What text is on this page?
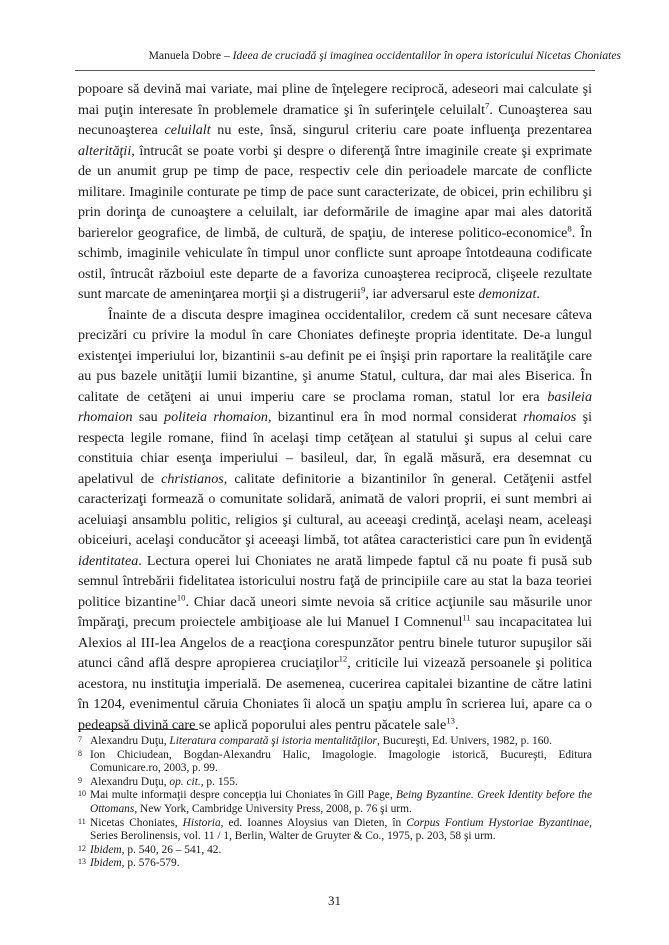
Manuela Dobre – Ideea de cruciadă şi imaginea occidentalilor în opera istoricului Nicetas Choniates

popoare să devină mai variate, mai pline de înţelegere reciprocă, adeseori mai calculate şi mai puţin interesate în problemele dramatice şi în suferinţele celuilalt$^7$. Cunoaşterea sau necunoaşterea celuilalt nu este, însă, singurul criteriu care poate influenţa prezentarea alterităţii, întrucât se poate vorbi şi despre o diferenţă între imaginile create şi exprimate de un anumit grup pe timp de pace, respectiv cele din perioadele marcate de conflicte militare. Imaginile conturate pe timp de pace sunt caracterizate, de obicei, prin echilibru şi prin dorinţa de cunoaştere a celuilalt, iar deformările de imagine apar mai ales datorită barierelor geografice, de limbă, de cultură, de spaţiu, de interese politico-economice$^8$. În schimb, imaginile vehiculate în timpul unor conflicte sunt aproape întotdeauna codificate ostil, întrucât războiul este departe de a favoriza cunoaşterea reciprocă, clişeele rezultate sunt marcate de ameninţarea morţii şi a distrugerii$^9$, iar adversarul este demonizat.

Înainte de a discuta despre imaginea occidentalilor, credem că sunt necesare câteva precizări cu privire la modul în care Choniates defineşte propria identitate. De-a lungul existenţei imperiului lor, bizantinii s-au definit pe ei înşişi prin raportare la realităţile care au pus bazele unităţii lumii bizantine, şi anume Statul, cultura, dar mai ales Biserica. În calitate de cetăţeni ai unui imperiu care se proclama roman, statul lor era basileia rhomaion sau politeia rhomaion, bizantinul era în mod normal considerat rhomaios şi respecta legile romane, fiind în acelaşi timp cetăţean al statului şi supus al celui care constituia chiar esenţa imperiului – basileul, dar, în egală măsură, era desemnat cu apelativul de christianos, calitate definitorie a bizantinilor în general. Cetăţenii astfel caracterizaţi formează o comunitate solidară, animată de valori proprii, ei sunt membri ai aceluiaşi ansamblu politic, religios şi cultural, au aceeaşi credinţă, acelaşi neam, aceleaşi obiceiuri, acelaşi conducător şi aceeaşi limbă, tot atâtea caracteristici care pun în evidenţă identitatea. Lectura operei lui Choniates ne arată limpede faptul că nu poate fi pusă sub semnul întrebării fidelitatea istoricului nostru faţă de principiile care au stat la baza teoriei politice bizantine$^{10}$. Chiar dacă uneori simte nevoia să critice acţiunile sau măsurile unor împăraţi, precum proiectele ambiţioase ale lui Manuel I Comnenul$^{11}$ sau incapacitatea lui Alexios al III-lea Angelos de a reacţiona corespunzător pentru binele tuturor supuşilor săi atunci când află despre apropierea cruciaţilor$^{12}$, criticile lui vizează persoanele şi politica acestora, nu instituţia imperială. De asemenea, cucerirea capitalei bizantine de către latini în 1204, evenimentul căruia Choniates îi alocă un spaţiu amplu în scrierea lui, apare ca o pedeapsă divină care se aplică poporului ales pentru păcatele sale$^{13}$.

7 Alexandru Duţu, Literatura comparată şi istoria mentalităţilor, Bucureşti, Ed. Univers, 1982, p. 160.

8 Ion Chiciudean, Bogdan-Alexandru Halic, Imagologie. Imagologie istorică, Bucureşti, Editura Comunicare.ro, 2003, p. 99.

9 Alexandru Duţu, op. cit., p. 155.

10 Mai multe informaţii despre concepţia lui Choniates în Gill Page, Being Byzantine. Greek Identity before the Ottomans, New York, Cambridge University Press, 2008, p. 76 şi urm.

11 Nicetas Choniates, Historia, ed. Ioannes Aloysius van Dieten, în Corpus Fontium Hystoriae Byzantinae, Series Berolinensis, vol. 11 / 1, Berlin, Walter de Gruyter & Co., 1975, p. 203, 58 şi urm.

12 Ibidem, p. 540, 26 – 541, 42.

13 Ibidem, p. 576-579.

31
